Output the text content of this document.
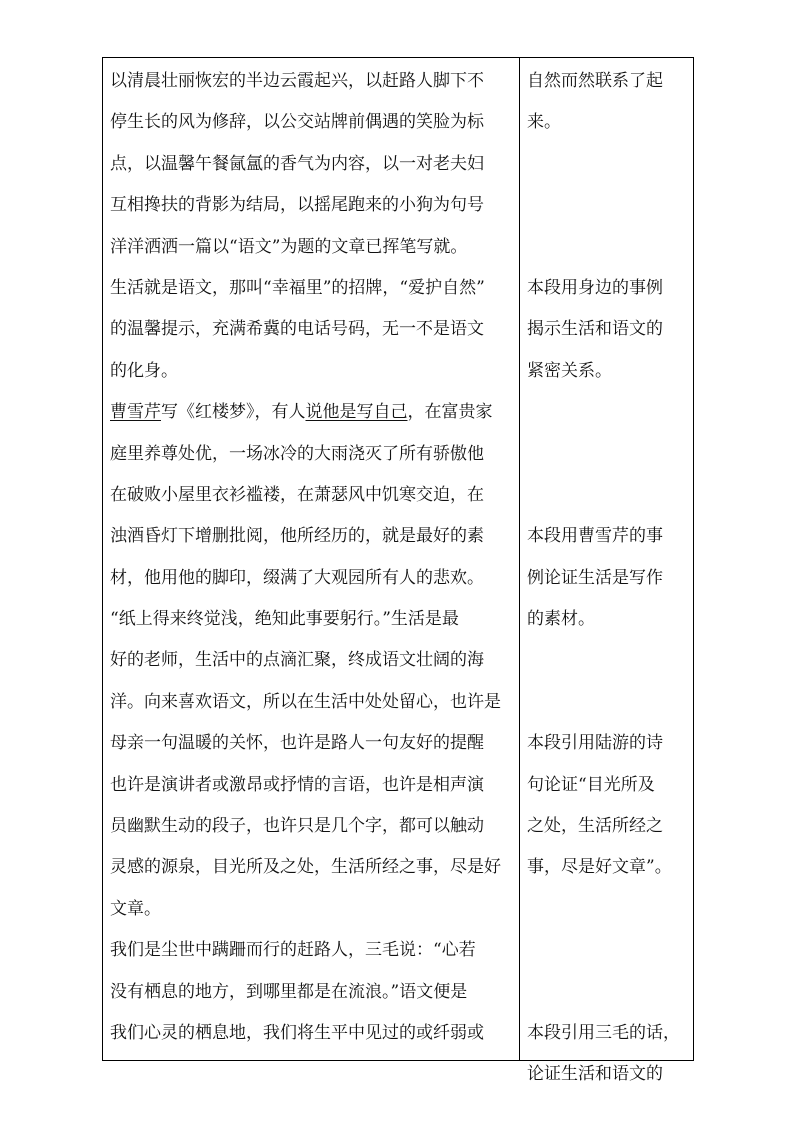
以清晨壮丽恢宏的半边云霞起兴，以赶路人脚下不
停生长的风为修辞，以公交站牌前偶遇的笑脸为标
点，以温馨午餐氤氲的香气为内容，以一对老夫妇
互相搀扶的背影为结局，以摇尾跑来的小狗为句号
洋洋洒洒一篇以“语文”为题的文章已挥笔写就。
生活就是语文，那叫“幸福里”的招牌，“爱护自然”
的温馨提示，充满希冀的电话号码，无一不是语文
的化身。
曹雪芹写《红楼梦》，有人说他是写自己，在富贵家
庭里养尊处优，一场冰冷的大雨浇灭了所有骄傲他
在破败小屋里衣衫褴褛，在萧瑟风中饥寒交迫，在
浊酒昏灯下增删批阅，他所经历的，就是最好的素
材，他用他的脚印，缀满了大观园所有人的悲欢。
“纸上得来终觉浅，绝知此事要躬行。”生活是最
好的老师，生活中的点滴汇聚，终成语文壮阔的海
洋。向来喜欢语文，所以在生活中处处留心，也许是
母亲一句温暖的关怀，也许是路人一句友好的提醒
也许是演讲者或激昂或抒情的言语，也许是相声演
员幽默生动的段子，也许只是几个字，都可以触动
灵感的源泉，目光所及之处，生活所经之事，尽是好
文章。
我们是尘世中蹒跚而行的赶路人，三毛说：“心若
没有栖息的地方，到哪里都是在流浪。”语文便是
我们心灵的栖息地，我们将生平中见过的或纤弱或
自然而然联系了起
来。
本段用身边的事例
揭示生活和语文的
紧密关系。
本段用曹雪芹的事
例论证生活是写作
的素材。
本段引用陆游的诗
句论证“目光所及
之处，生活所经之
事，尽是好文章”。
本段引用三毛的话，
论证生活和语文的
